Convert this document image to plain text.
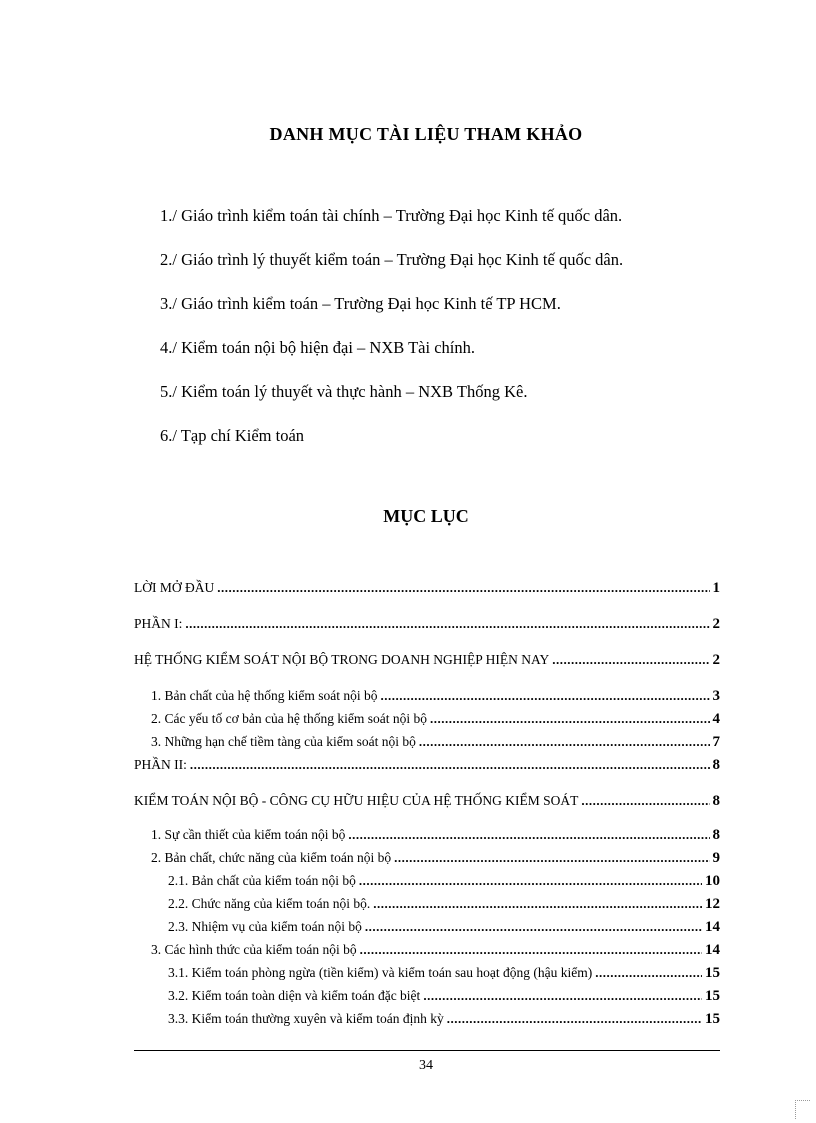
DANH MỤC TÀI LIỆU THAM KHẢO
1./ Giáo trình kiểm toán tài chính – Trường Đại học Kinh tế quốc dân.
2./ Giáo trình lý thuyết kiểm toán – Trường Đại học Kinh tế quốc dân.
3./ Giáo trình kiểm toán – Trường Đại học Kinh tế TP HCM.
4./ Kiểm toán nội bộ hiện đại – NXB Tài chính.
5./ Kiểm toán lý thuyết và thực hành – NXB Thống Kê.
6./ Tạp chí Kiểm toán
MỤC LỤC
LỜI MỞ ĐẦU .....	1
PHẦN I: .....	2
HỆ THỐNG KIỂM SOÁT NỘI BỘ TRONG DOANH NGHIỆP HIỆN NAY .....	2
1. Bản chất của hệ thống kiểm soát nội bộ .....	3
2. Các yếu tố cơ bản của hệ thống kiểm soát nội bộ .....	4
3. Những hạn chế tiềm tàng của kiểm soát nội bộ .....	7
PHẦN II: .....	8
KIỂM TOÁN NỘI BỘ - CÔNG CỤ HỮU HIỆU CỦA HỆ THỐNG KIỂM SOÁT .....	8
1. Sự cần thiết của kiểm toán nội bộ .....	8
2. Bản chất, chức năng của kiểm toán nội bộ .....	9
2.1. Bản chất của kiểm toán nội bộ .....	10
2.2. Chức năng của kiểm toán nội bộ. .....	12
2.3. Nhiệm vụ của kiểm toán nội bộ .....	14
3. Các hình thức của kiểm toán nội bộ .....	14
3.1. Kiểm toán phòng ngừa (tiền kiểm) và kiểm toán sau hoạt động (hậu kiểm) .....	15
3.2. Kiểm toán toàn diện và kiểm toán đặc biệt .....	15
3.3. Kiểm toán thường xuyên và kiểm toán định kỳ .....	15
34
